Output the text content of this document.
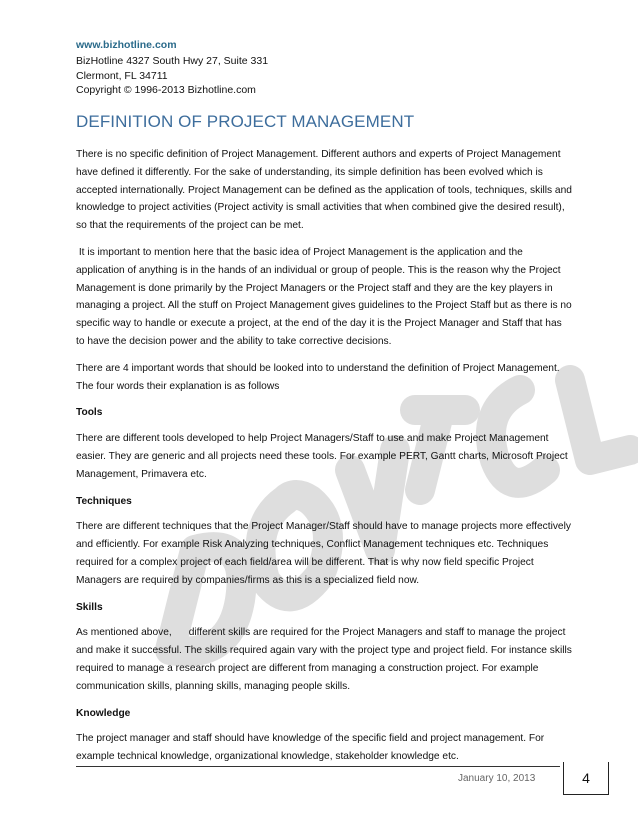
www.bizhotline.com
BizHotline 4327 South Hwy 27, Suite 331
Clermont, FL 34711
Copyright © 1996-2013 Bizhotline.com
DEFINITION OF PROJECT MANAGEMENT

There is no specific definition of Project Management. Different authors and experts of Project Management have defined it differently. For the sake of understanding, its simple definition has been evolved which is accepted internationally. Project Management can be defined as the application of tools, techniques, skills and knowledge to project activities (Project activity is small activities that when combined give the desired result), so that the requirements of the project can be met.

It is important to mention here that the basic idea of Project Management is the application and the application of anything is in the hands of an individual or group of people. This is the reason why the Project Management is done primarily by the Project Managers or the Project staff and they are the key players in managing a project. All the stuff on Project Management gives guidelines to the Project Staff but as there is no specific way to handle or execute a project, at the end of the day it is the Project Manager and Staff that has to have the decision power and the ability to take corrective decisions.

There are 4 important words that should be looked into to understand the definition of Project Management. The four words their explanation is as follows

Tools

There are different tools developed to help Project Managers/Staff to use and make Project Management easier. They are generic and all projects need these tools. For example PERT, Gantt charts, Microsoft Project Management, Primavera etc.

Techniques

There are different techniques that the Project Manager/Staff should have to manage projects more effectively and efficiently. For example Risk Analyzing techniques, Conflict Management techniques etc. Techniques required for a complex project of each field/area will be different. That is why now field specific Project Managers are required by companies/firms as this is a specialized field now.

Skills

As mentioned above,      different skills are required for the Project Managers and staff to manage the project and make it successful. The skills required again vary with the project type and project field. For instance skills required to manage a research project are different from managing a construction project. For example communication skills, planning skills, managing people skills.

Knowledge

The project manager and staff should have knowledge of the specific field and project management. For example technical knowledge, organizational knowledge, stakeholder knowledge etc.

January 10, 2013	4
